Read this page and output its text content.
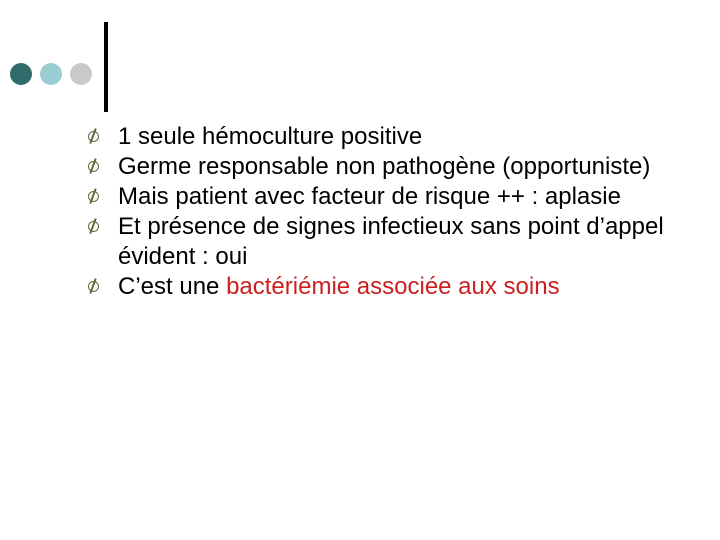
1 seule hémoculture positive
Germe responsable non pathogène (opportuniste)
Mais patient avec facteur de risque ++ : aplasie
Et présence de signes infectieux sans point d’appel évident : oui
C’est une bactériémie associée aux soins
